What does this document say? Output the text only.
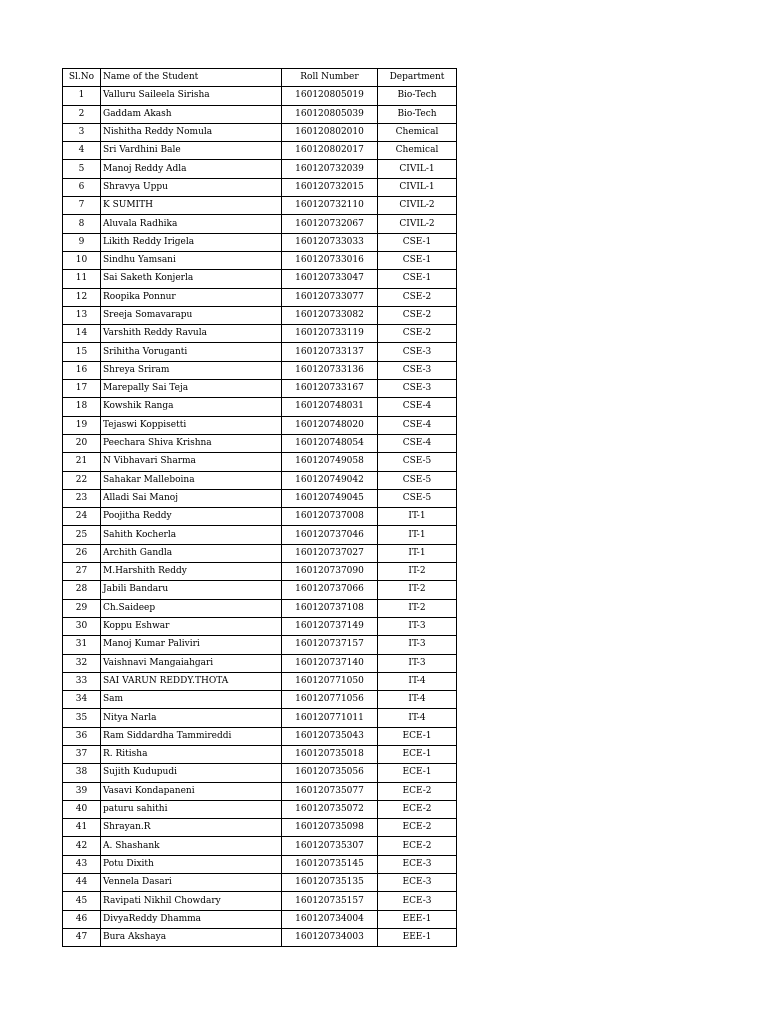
Sl.No	Name of the Student	Roll Number	Department
1	Valluru Saileela Sirisha	160120805019	Bio-Tech
2	Gaddam Akash	160120805039	Bio-Tech
3	Nishitha Reddy Nomula	160120802010	Chemical
4	Sri Vardhini Bale	160120802017	Chemical
5	Manoj Reddy Adla	160120732039	CIVIL-1
6	Shravya Uppu	160120732015	CIVIL-1
7	K SUMITH	160120732110	CIVIL-2
8	Aluvala Radhika	160120732067	CIVIL-2
9	Likith Reddy Irigela	160120733033	CSE-1
10	Sindhu Yamsani	160120733016	CSE-1
11	Sai Saketh Konjerla	160120733047	CSE-1
12	Roopika Ponnur	160120733077	CSE-2
13	Sreeja Somavarapu	160120733082	CSE-2
14	Varshith Reddy Ravula	160120733119	CSE-2
15	Srihitha Voruganti	160120733137	CSE-3
16	Shreya Sriram	160120733136	CSE-3
17	Marepally Sai Teja	160120733167	CSE-3
18	Kowshik Ranga	160120748031	CSE-4
19	Tejaswi Koppisetti	160120748020	CSE-4
20	Peechara Shiva Krishna	160120748054	CSE-4
21	N Vibhavari Sharma	160120749058	CSE-5
22	Sahakar Malleboina	160120749042	CSE-5
23	Alladi Sai Manoj	160120749045	CSE-5
24	Poojitha Reddy	160120737008	IT-1
25	Sahith Kocherla	160120737046	IT-1
26	Archith Gandla	160120737027	IT-1
27	M.Harshith Reddy	160120737090	IT-2
28	Jabili Bandaru	160120737066	IT-2
29	Ch.Saideep	160120737108	IT-2
30	Koppu Eshwar	160120737149	IT-3
31	Manoj Kumar Paliviri	160120737157	IT-3
32	Vaishnavi Mangaiahgari	160120737140	IT-3
33	SAI VARUN REDDY.THOTA	160120771050	IT-4
34	Sam	160120771056	IT-4
35	Nitya Narla	160120771011	IT-4
36	Ram Siddardha Tammireddi	160120735043	ECE-1
37	R. Ritisha	160120735018	ECE-1
38	Sujith Kudupudi	160120735056	ECE-1
39	Vasavi Kondapaneni	160120735077	ECE-2
40	paturu sahithi	160120735072	ECE-2
41	Shrayan.R	160120735098	ECE-2
42	A. Shashank	160120735307	ECE-2
43	Potu Dixith	160120735145	ECE-3
44	Vennela Dasari	160120735135	ECE-3
45	Ravipati Nikhil Chowdary	160120735157	ECE-3
46	DivyaReddy Dhamma	160120734004	EEE-1
47	Bura Akshaya	160120734003	EEE-1
